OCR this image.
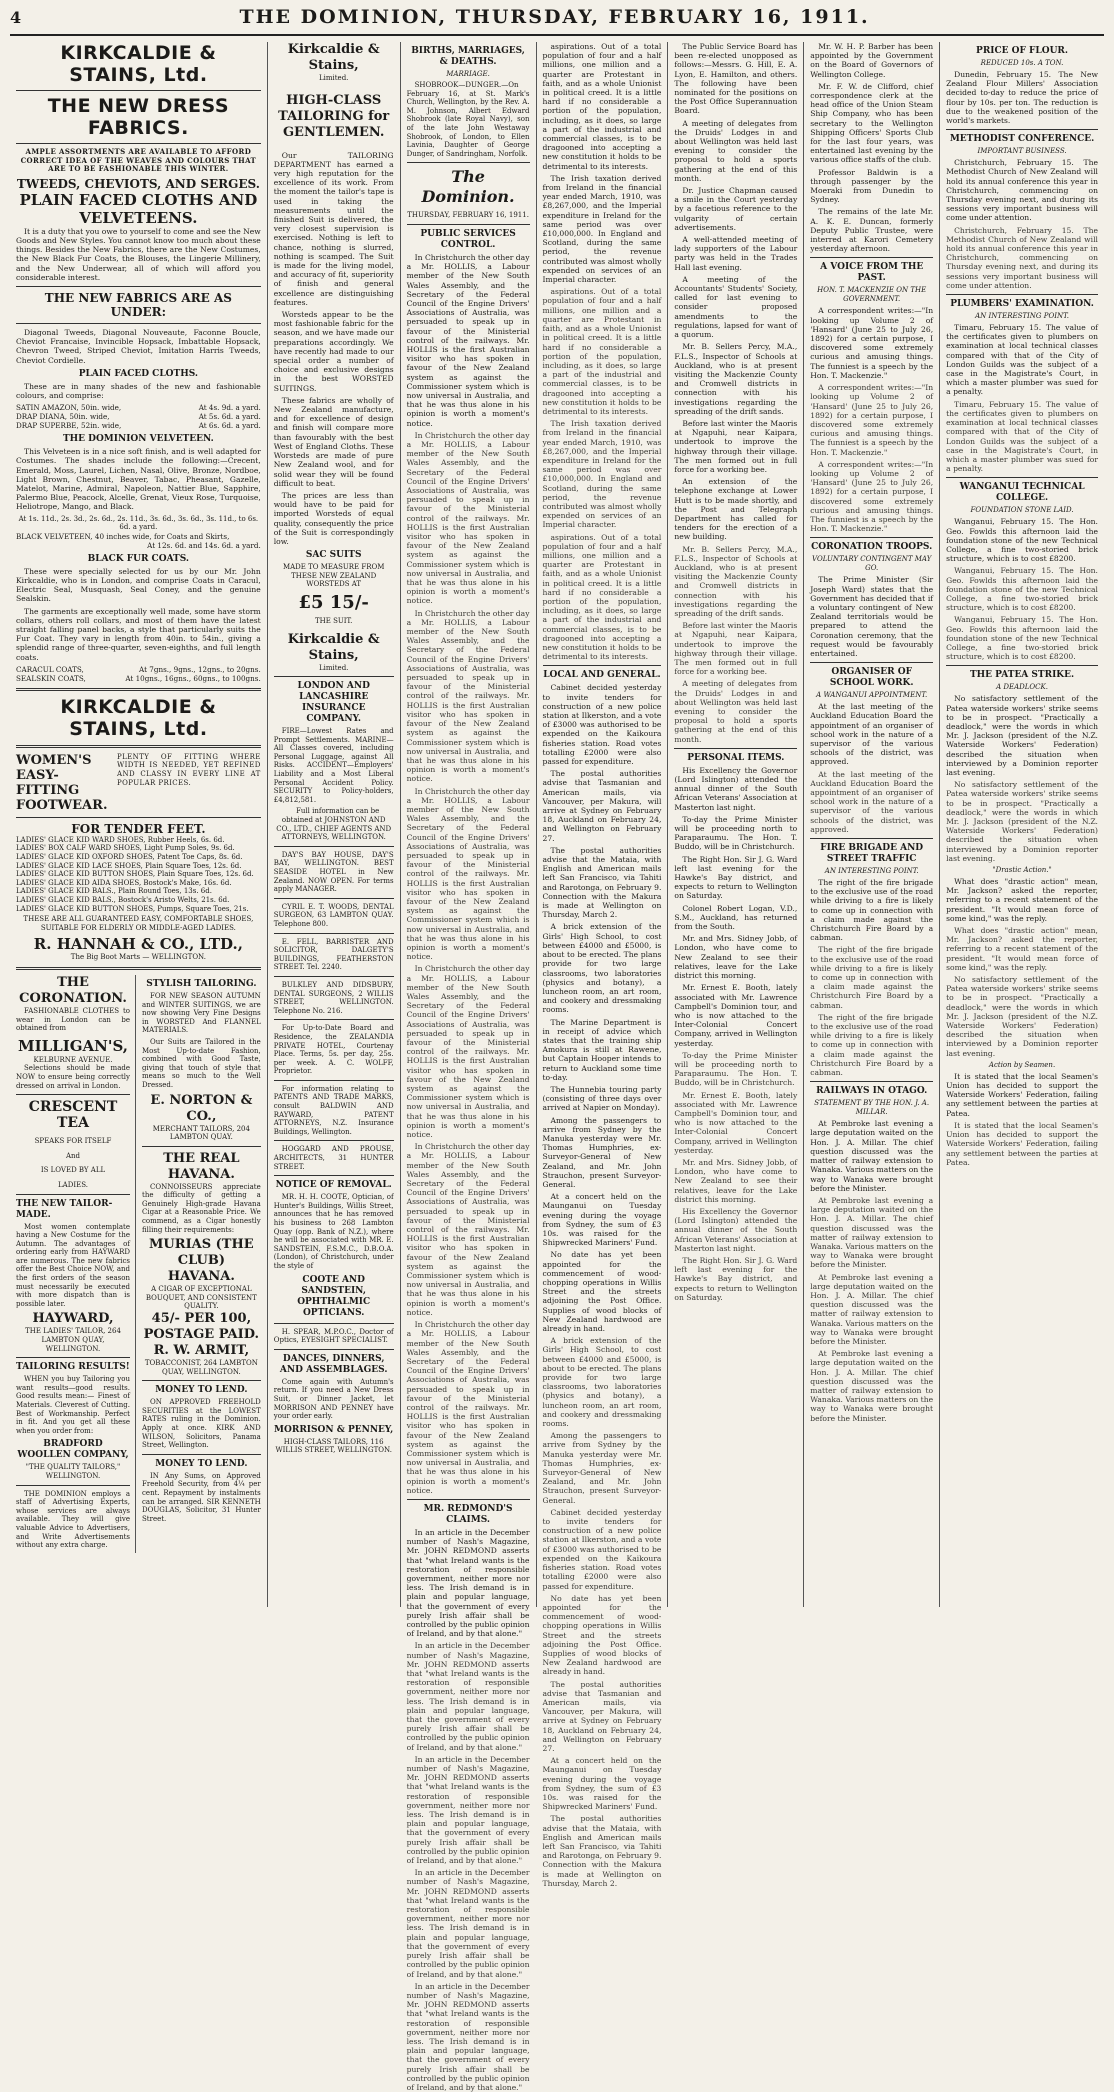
4	THE DOMINION, THURSDAY, FEBRUARY 16, 1911.
KIRKCALDIE & STAINS, Ltd.
THE NEW DRESS FABRICS.
AMPLE ASSORTMENTS ARE AVAILABLE TO AFFORD CORRECT IDEA OF THE WEAVES AND COLOURS THAT ARE TO BE FASHIONABLE THIS WINTER.
TWEEDS, CHEVIOTS, AND SERGES.
PLAIN FACED CLOTHS AND VELVETEENS.

It is a duty that you owe to yourself to come and see the New Goods and New Styles. You cannot know too much about these things. Besides the New Fabrics, there are the New Costumes, the New Black Fur Coats, the Blouses, the Lingerie Millinery, and the New Underwear, all of which will afford you considerable interest.

THE NEW FABRICS ARE AS UNDER:

Diagonal Tweeds, Diagonal Nouveaute, Faconne Boucle, Cheviot Francaise, Invincible Hopsack, Imbattable Hopsack, Chevron Tweed, Striped Cheviot, Imitation Harris Tweeds, Cheviot Cordielle.

PLAIN FACED CLOTHS.

These are in many shades of the new and fashionable colours, and comprise:

SATIN AMAZON, 50in. wide,	At 4s. 9d. a yard.
DRAP DIANA, 50in. wide,	At 5s. 6d. a yard.
DRAP SUPERBE, 52in. wide,	At 6s. 6d. a yard.
THE DOMINION VELVETEEN.

This Velveteen is in a nice soft finish, and is well adapted for Costumes. The shades include the following:—Crecent, Emerald, Moss, Laurel, Lichen, Nasal, Olive, Bronze, Nordboe, Light Brown, Chestnut, Beaver, Tabac, Pheasant, Gazelle, Matelot, Marine, Admiral, Napoleon, Nattier Blue, Sapphire, Palermo Blue, Peacock, Alcelle, Grenat, Vieux Rose, Turquoise, Heliotrope, Mango, and Black.

At 1s. 11d., 2s. 3d., 2s. 6d., 2s. 11d., 3s. 6d., 3s. 6d., 3s. 11d., to 6s. 6d. a yard.
BLACK VELVETEEN, 40 inches wide, for Coats and Skirts,
At 12s. 6d. and 14s. 6d. a yard.
BLACK FUR COATS.

These were specially selected for us by our Mr. John Kirkcaldie, who is in London, and comprise Coats in Caracul, Electric Seal, Musquash, Seal Coney, and the genuine Sealskin.

The garments are exceptionally well made, some have storm collars, others roll collars, and most of them have the latest straight falling panel backs, a style that particularly suits the Fur Coat. They vary in length from 40in. to 54in., giving a splendid range of three-quarter, seven-eighths, and full length coats.

CARACUL COATS,	At 7gns., 9gns., 12gns., to 20gns.
SEALSKIN COATS,	At 10gns., 16gns., 60gns., to 100gns.
KIRKCALDIE & STAINS, Ltd.
WOMEN'S EASY-FITTING FOOTWEAR.
PLENTY OF FITTING WHERE WIDTH IS NEEDED, YET REFINED AND CLASSY IN EVERY LINE AT POPULAR PRICES.
FOR TENDER FEET.
LADIES' GLACE KID WARD SHOES, Rubber Heels, 6s. 6d.
LADIES' BOX CALF WARD SHOES, Light Pump Soles, 9s. 6d.
LADIES' GLACE KID OXFORD SHOES, Patent Toe Caps, 8s. 6d.
LADIES' GLACE KID LACE SHOES, Plain Square Toes, 12s. 6d.
LADIES' GLACE KID BUTTON SHOES, Plain Square Toes, 12s. 6d.
LADIES' GLACE KID AIDA SHOES, Bostock's Make, 16s. 6d.
LADIES' GLACE KID BALS., Plain Round Toes, 13s. 6d.
LADIES' GLACE KID BALS., Bostock's Aristo Welts, 21s. 6d.
LADIES' GLACE KID BUTTON SHOES, Pumps, Square Toes, 21s.
THESE ARE ALL GUARANTEED EASY, COMFORTABLE SHOES, SUITABLE FOR ELDERLY OR MIDDLE-AGED LADIES.
R. HANNAH & CO., LTD.,
The Big Boot Marts — WELLINGTON.
THE CORONATION.

FASHIONABLE CLOTHES to wear in London can be obtained from

MILLIGAN'S,
KELBURNE AVENUE.

Selections should be made NOW to ensure being correctly dressed on arrival in London.

CRESCENT TEA
SPEAKS FOR ITSELF
And
IS LOVED BY ALL
LADIES.
THE NEW TAILOR-MADE.

Most women contemplate having a New Costume for the Autumn. The advantages of ordering early from HAYWARD are numerous. The new fabrics offer the Best Choice NOW, and the first orders of the season must necessarily be executed with more dispatch than is possible later.

HAYWARD,
THE LADIES' TAILOR, 264 LAMBTON QUAY, WELLINGTON.
TAILORING RESULTS!

WHEN you buy Tailoring you want results—good results. Good results mean:— Finest of Materials. Cleverest of Cutting. Best of Workmanship. Perfect in fit. And you get all these when you order from:

BRADFORD WOOLLEN COMPANY,
"THE QUALITY TAILORS," WELLINGTON.

THE DOMINION employs a staff of Advertising Experts, whose services are always available. They will give valuable Advice to Advertisers, and Write Advertisements without any extra charge.

STYLISH TAILORING.

FOR NEW SEASON AUTUMN and WINTER SUITINGS, we are now showing Very Fine Designs in WORSTED And FLANNEL MATERIALS.

Our Suits are Tailored in the Most Up-to-date Fashion, combined with Good Taste, giving that touch of style that means so much to the Well Dressed.

E. NORTON & CO.,
MERCHANT TAILORS, 204 LAMBTON QUAY.
THE REAL HAVANA.

CONNOISSEURS appreciate the difficulty of getting a Genuinely High-grade Havana Cigar at a Reasonable Price. We commend, as a Cigar honestly filling their requirements:

MURIAS (THE CLUB) HAVANA.
A CIGAR OF EXCEPTIONAL BOUQUET, AND CONSISTENT QUALITY.
45/- PER 100, POSTAGE PAID.
R. W. ARMIT,
TOBACCONIST, 264 LAMBTON QUAY, WELLINGTON.
MONEY TO LEND.

ON APPROVED FREEHOLD SECURITIES at the LOWEST RATES ruling in the Dominion. Apply at once. KIRK AND WILSON, Solicitors, Panama Street, Wellington.

MONEY TO LEND.

IN Any Sums, on Approved Freehold Security, from 4¼ per cent. Repayment by instalments can be arranged. SIR KENNETH DOUGLAS, Solicitor, 31 Hunter Street.

Kirkcaldie & Stains,
Limited.
HIGH-CLASS TAILORING for GENTLEMEN.

Our TAILORING DEPARTMENT has earned a very high reputation for the excellence of its work. From the moment the tailor's tape is used in taking the measurements until the finished Suit is delivered, the very closest supervision is exercised. Nothing is left to chance, nothing is slurred, nothing is scamped. The Suit is made for the living model, and accuracy of fit, superiority of finish and general excellence are distinguishing features.

Worsteds appear to be the most fashionable fabric for the season, and we have made our preparations accordingly. We have recently had made to our special order a number of choice and exclusive designs in the best WORSTED SUITINGS.

These fabrics are wholly of New Zealand manufacture, and for excellence of design and finish will compare more than favourably with the best West of England Cloths. These Worsteds are made of pure New Zealand wool, and for solid wear they will be found difficult to beat.

The prices are less than would have to be paid for imported Worsteds of equal quality, consequently the price of the Suit is correspondingly low.

SAC SUITS
MADE TO MEASURE FROM THESE NEW ZEALAND WORSTEDS AT
£5 15/-
THE SUIT.
Kirkcaldie & Stains,
Limited.
LONDON AND LANCASHIRE INSURANCE COMPANY.

FIRE—Lowest Rates and Prompt Settlements. MARINE—All Classes covered, including Personal Luggage, against All Risks. ACCIDENT—Employers' Liability and a Most Liberal Personal Accident Policy. SECURITY to Policy-holders, £4,812,581.

Full information can be obtained at JOHNSTON AND CO., LTD., CHIEF AGENTS AND ATTORNEYS, WELLINGTON.

DAY'S BAY HOUSE, DAY'S BAY, WELLINGTON. BEST SEASIDE HOTEL in New Zealand. NOW OPEN. For terms apply MANAGER.

CYRIL E. T. WOODS, DENTAL SURGEON, 63 LAMBTON QUAY. Telephone 800.

E. FELL, BARRISTER AND SOLICITOR, DALGETY'S BUILDINGS, FEATHERSTON STREET. Tel. 2240.

BULKLEY AND DIDSBURY, DENTAL SURGEONS, 2 WILLIS STREET, WELLINGTON. Telephone No. 216.

For Up-to-Date Board and Residence, the ZEALANDIA PRIVATE HOTEL, Courtenay Place. Terms, 5s. per day, 25s. per week. A. C. WOLFF, Proprietor.

For information relating to PATENTS AND TRADE MARKS, consult BALDWIN AND RAYWARD, PATENT ATTORNEYS, N.Z. Insurance Buildings, Wellington.

HOGGARD AND PROUSE, ARCHITECTS, 31 HUNTER STREET.

NOTICE OF REMOVAL.

MR. H. H. COOTE, Optician, of Hunter's Buildings, Willis Street, announces that he has removed his business to 268 Lambton Quay (opp. Bank of N.Z.), where he will be associated with MR. E. SANDSTEIN, F.S.M.C., D.B.O.A. (London), of Christchurch, under the style of

COOTE AND SANDSTEIN, OPHTHALMIC OPTICIANS.

H. SPEAR, M.P.O.C., Doctor of Optics, EYESIGHT SPECIALIST.

DANCES, DINNERS, AND ASSEMBLAGES.

Come again with Autumn's return. If you need a New Dress Suit, or Dinner Jacket, let MORRISON AND PENNEY have your order early.

MORRISON & PENNEY,
HIGH-CLASS TAILORS, 116 WILLIS STREET, WELLINGTON.
BIRTHS, MARRIAGES, & DEATHS.
MARRIAGE.

SHOBROOK—DUNGER.—On February 16, at St. Mark's Church, Wellington, by the Rev. A. M. Johnson, Albert Edward Shobrook (late Royal Navy), son of the late John Westaway Shobrook, of London, to Ellen Lavinia, Daughter of George Dunger, of Sandringham, Norfolk.

The Dominion.
THURSDAY, FEBRUARY 16, 1911.
PUBLIC SERVICES CONTROL.

In Christchurch the other day a Mr. HOLLIS, a Labour member of the New South Wales Assembly, and the Secretary of the Federal Council of the Engine Drivers' Associations of Australia, was persuaded to speak up in favour of the Ministerial control of the railways. Mr. HOLLIS is the first Australian visitor who has spoken in favour of the New Zealand system as against the Commissioner system which is now universal in Australia, and that he was thus alone in his opinion is worth a moment's notice.

In Christchurch the other day a Mr. HOLLIS, a Labour member of the New South Wales Assembly, and the Secretary of the Federal Council of the Engine Drivers' Associations of Australia, was persuaded to speak up in favour of the Ministerial control of the railways. Mr. HOLLIS is the first Australian visitor who has spoken in favour of the New Zealand system as against the Commissioner system which is now universal in Australia, and that he was thus alone in his opinion is worth a moment's notice.

In Christchurch the other day a Mr. HOLLIS, a Labour member of the New South Wales Assembly, and the Secretary of the Federal Council of the Engine Drivers' Associations of Australia, was persuaded to speak up in favour of the Ministerial control of the railways. Mr. HOLLIS is the first Australian visitor who has spoken in favour of the New Zealand system as against the Commissioner system which is now universal in Australia, and that he was thus alone in his opinion is worth a moment's notice.

In Christchurch the other day a Mr. HOLLIS, a Labour member of the New South Wales Assembly, and the Secretary of the Federal Council of the Engine Drivers' Associations of Australia, was persuaded to speak up in favour of the Ministerial control of the railways. Mr. HOLLIS is the first Australian visitor who has spoken in favour of the New Zealand system as against the Commissioner system which is now universal in Australia, and that he was thus alone in his opinion is worth a moment's notice.

In Christchurch the other day a Mr. HOLLIS, a Labour member of the New South Wales Assembly, and the Secretary of the Federal Council of the Engine Drivers' Associations of Australia, was persuaded to speak up in favour of the Ministerial control of the railways. Mr. HOLLIS is the first Australian visitor who has spoken in favour of the New Zealand system as against the Commissioner system which is now universal in Australia, and that he was thus alone in his opinion is worth a moment's notice.

In Christchurch the other day a Mr. HOLLIS, a Labour member of the New South Wales Assembly, and the Secretary of the Federal Council of the Engine Drivers' Associations of Australia, was persuaded to speak up in favour of the Ministerial control of the railways. Mr. HOLLIS is the first Australian visitor who has spoken in favour of the New Zealand system as against the Commissioner system which is now universal in Australia, and that he was thus alone in his opinion is worth a moment's notice.

In Christchurch the other day a Mr. HOLLIS, a Labour member of the New South Wales Assembly, and the Secretary of the Federal Council of the Engine Drivers' Associations of Australia, was persuaded to speak up in favour of the Ministerial control of the railways. Mr. HOLLIS is the first Australian visitor who has spoken in favour of the New Zealand system as against the Commissioner system which is now universal in Australia, and that he was thus alone in his opinion is worth a moment's notice.

MR. REDMOND'S CLAIMS.

In an article in the December number of Nash's Magazine, Mr. JOHN REDMOND asserts that "what Ireland wants is the restoration of responsible government, neither more nor less. The Irish demand is in plain and popular language, that the government of every purely Irish affair shall be controlled by the public opinion of Ireland, and by that alone."

In an article in the December number of Nash's Magazine, Mr. JOHN REDMOND asserts that "what Ireland wants is the restoration of responsible government, neither more nor less. The Irish demand is in plain and popular language, that the government of every purely Irish affair shall be controlled by the public opinion of Ireland, and by that alone."

In an article in the December number of Nash's Magazine, Mr. JOHN REDMOND asserts that "what Ireland wants is the restoration of responsible government, neither more nor less. The Irish demand is in plain and popular language, that the government of every purely Irish affair shall be controlled by the public opinion of Ireland, and by that alone."

In an article in the December number of Nash's Magazine, Mr. JOHN REDMOND asserts that "what Ireland wants is the restoration of responsible government, neither more nor less. The Irish demand is in plain and popular language, that the government of every purely Irish affair shall be controlled by the public opinion of Ireland, and by that alone."

In an article in the December number of Nash's Magazine, Mr. JOHN REDMOND asserts that "what Ireland wants is the restoration of responsible government, neither more nor less. The Irish demand is in plain and popular language, that the government of every purely Irish affair shall be controlled by the public opinion of Ireland, and by that alone."

aspirations. Out of a total population of four and a half millions, one million and a quarter are Protestant in faith, and as a whole Unionist in political creed. It is a little hard if no considerable a portion of the population, including, as it does, so large a part of the industrial and commercial classes, is to be dragooned into accepting a new constitution it holds to be detrimental to its interests.

The Irish taxation derived from Ireland in the financial year ended March, 1910, was £8,267,000, and the Imperial expenditure in Ireland for the same period was over £10,000,000. In England and Scotland, during the same period, the revenue contributed was almost wholly expended on services of an Imperial character.

aspirations. Out of a total population of four and a half millions, one million and a quarter are Protestant in faith, and as a whole Unionist in political creed. It is a little hard if no considerable a portion of the population, including, as it does, so large a part of the industrial and commercial classes, is to be dragooned into accepting a new constitution it holds to be detrimental to its interests.

The Irish taxation derived from Ireland in the financial year ended March, 1910, was £8,267,000, and the Imperial expenditure in Ireland for the same period was over £10,000,000. In England and Scotland, during the same period, the revenue contributed was almost wholly expended on services of an Imperial character.

aspirations. Out of a total population of four and a half millions, one million and a quarter are Protestant in faith, and as a whole Unionist in political creed. It is a little hard if no considerable a portion of the population, including, as it does, so large a part of the industrial and commercial classes, is to be dragooned into accepting a new constitution it holds to be detrimental to its interests.

LOCAL AND GENERAL.

Cabinet decided yesterday to invite tenders for construction of a new police station at Ilkerston, and a vote of £3000 was authorised to be expended on the Kaikoura fisheries station. Road votes totalling £2000 were also passed for expenditure.

The postal authorities advise that Tasmanian and American mails, via Vancouver, per Makura, will arrive at Sydney on February 18, Auckland on February 24, and Wellington on February 27.

The postal authorities advise that the Mataia, with English and American mails left San Francisco, via Tahiti and Rarotonga, on February 9. Connection with the Makura is made at Wellington on Thursday, March 2.

A brick extension of the Girls' High School, to cost between £4000 and £5000, is about to be erected. The plans provide for two large classrooms, two laboratories (physics and botany), a luncheon room, an art room, and cookery and dressmaking rooms.

The Marine Department is in receipt of advice which states that the training ship Amokura is still at Rawene, but Captain Hooper intends to return to Auckland some time to-day.

The Hunnebia touring party (consisting of three days over arrived at Napier on Monday).

Among the passengers to arrive from Sydney by the Manuka yesterday were Mr. Thomas Humphries, ex-Surveyor-General of New Zealand, and Mr. John Strauchon, present Surveyor-General.

At a concert held on the Maunganui on Tuesday evening during the voyage from Sydney, the sum of £3 10s. was raised for the Shipwrecked Mariners' Fund.

No date has yet been appointed for the commencement of wood-chopping operations in Willis Street and the streets adjoining the Post Office. Supplies of wood blocks of New Zealand hardwood are already in hand.

A brick extension of the Girls' High School, to cost between £4000 and £5000, is about to be erected. The plans provide for two large classrooms, two laboratories (physics and botany), a luncheon room, an art room, and cookery and dressmaking rooms.

Among the passengers to arrive from Sydney by the Manuka yesterday were Mr. Thomas Humphries, ex-Surveyor-General of New Zealand, and Mr. John Strauchon, present Surveyor-General.

Cabinet decided yesterday to invite tenders for construction of a new police station at Ilkerston, and a vote of £3000 was authorised to be expended on the Kaikoura fisheries station. Road votes totalling £2000 were also passed for expenditure.

No date has yet been appointed for the commencement of wood-chopping operations in Willis Street and the streets adjoining the Post Office. Supplies of wood blocks of New Zealand hardwood are already in hand.

The postal authorities advise that Tasmanian and American mails, via Vancouver, per Makura, will arrive at Sydney on February 18, Auckland on February 24, and Wellington on February 27.

At a concert held on the Maunganui on Tuesday evening during the voyage from Sydney, the sum of £3 10s. was raised for the Shipwrecked Mariners' Fund.

The postal authorities advise that the Mataia, with English and American mails left San Francisco, via Tahiti and Rarotonga, on February 9. Connection with the Makura is made at Wellington on Thursday, March 2.

The Public Service Board has been re-elected unopposed as follows:—Messrs. G. Hill, E. A. Lyon, E. Hamilton, and others. The following have been nominated for the positions on the Post Office Superannuation Board.

A meeting of delegates from the Druids' Lodges in and about Wellington was held last evening to consider the proposal to hold a sports gathering at the end of this month.

Dr. Justice Chapman caused a smile in the Court yesterday by a facetious reference to the vulgarity of certain advertisements.

A well-attended meeting of lady supporters of the Labour party was held in the Trades Hall last evening.

A meeting of the Accountants' Students' Society, called for last evening to consider proposed amendments to the regulations, lapsed for want of a quorum.

Mr. B. Sellers Percy, M.A., F.L.S., Inspector of Schools at Auckland, who is at present visiting the Mackenzie County and Cromwell districts in connection with his investigations regarding the spreading of the drift sands.

Before last winter the Maoris at Ngapuhi, near Kaipara, undertook to improve the highway through their village. The men formed out in full force for a working bee.

An extension of the telephone exchange at Lower Hutt is to be made shortly, and the Post and Telegraph Department has called for tenders for the erection of a new building.

Mr. B. Sellers Percy, M.A., F.L.S., Inspector of Schools at Auckland, who is at present visiting the Mackenzie County and Cromwell districts in connection with his investigations regarding the spreading of the drift sands.

Before last winter the Maoris at Ngapuhi, near Kaipara, undertook to improve the highway through their village. The men formed out in full force for a working bee.

A meeting of delegates from the Druids' Lodges in and about Wellington was held last evening to consider the proposal to hold a sports gathering at the end of this month.

PERSONAL ITEMS.

His Excellency the Governor (Lord Islington) attended the annual dinner of the South African Veterans' Association at Masterton last night.

To-day the Prime Minister will be proceeding north to Paraparaumu. The Hon. T. Buddo, will be in Christchurch.

The Right Hon. Sir J. G. Ward left last evening for the Hawke's Bay district, and expects to return to Wellington on Saturday.

Colonel Robert Logan, V.D., S.M., Auckland, has returned from the South.

Mr. and Mrs. Sidney Jobb, of London, who have come to New Zealand to see their relatives, leave for the Lake district this morning.

Mr. Ernest E. Booth, lately associated with Mr. Lawrence Campbell's Dominion tour, and who is now attached to the Inter-Colonial Concert Company, arrived in Wellington yesterday.

To-day the Prime Minister will be proceeding north to Paraparaumu. The Hon. T. Buddo, will be in Christchurch.

Mr. Ernest E. Booth, lately associated with Mr. Lawrence Campbell's Dominion tour, and who is now attached to the Inter-Colonial Concert Company, arrived in Wellington yesterday.

Mr. and Mrs. Sidney Jobb, of London, who have come to New Zealand to see their relatives, leave for the Lake district this morning.

His Excellency the Governor (Lord Islington) attended the annual dinner of the South African Veterans' Association at Masterton last night.

The Right Hon. Sir J. G. Ward left last evening for the Hawke's Bay district, and expects to return to Wellington on Saturday.

Mr. W. H. P. Barber has been appointed by the Government on the Board of Governors of Wellington College.

Mr. F. W. de Clifford, chief correspondence clerk at the head office of the Union Steam Ship Company, who has been secretary to the Wellington Shipping Officers' Sports Club for the last four years, was entertained last evening by the various office staffs of the club.

Professor Baldwin is a through passenger by the Moeraki from Dunedin to Sydney.

The remains of the late Mr. A. K. E. Duncan, formerly Deputy Public Trustee, were interred at Karori Cemetery yesterday afternoon.

A VOICE FROM THE PAST.
HON. T. MACKENZIE ON THE GOVERNMENT.

A correspondent writes:—"In looking up Volume 2 of 'Hansard' (June 25 to July 26, 1892) for a certain purpose, I discovered some extremely curious and amusing things. The funniest is a speech by the Hon. T. Mackenzie."

A correspondent writes:—"In looking up Volume 2 of 'Hansard' (June 25 to July 26, 1892) for a certain purpose, I discovered some extremely curious and amusing things. The funniest is a speech by the Hon. T. Mackenzie."

A correspondent writes:—"In looking up Volume 2 of 'Hansard' (June 25 to July 26, 1892) for a certain purpose, I discovered some extremely curious and amusing things. The funniest is a speech by the Hon. T. Mackenzie."

CORONATION TROOPS.
VOLUNTARY CONTINGENT MAY GO.

The Prime Minister (Sir Joseph Ward) states that the Government has decided that if a voluntary contingent of New Zealand territorials would be prepared to attend the Coronation ceremony, that the request would be favourably entertained.

ORGANISER OF SCHOOL WORK.
A WANGANUI APPOINTMENT.

At the last meeting of the Auckland Education Board the appointment of an organiser of school work in the nature of a supervisor of the various schools of the district, was approved.

At the last meeting of the Auckland Education Board the appointment of an organiser of school work in the nature of a supervisor of the various schools of the district, was approved.

FIRE BRIGADE AND STREET TRAFFIC
AN INTERESTING POINT.

The right of the fire brigade to the exclusive use of the road while driving to a fire is likely to come up in connection with a claim made against the Christchurch Fire Board by a cabman.

The right of the fire brigade to the exclusive use of the road while driving to a fire is likely to come up in connection with a claim made against the Christchurch Fire Board by a cabman.

The right of the fire brigade to the exclusive use of the road while driving to a fire is likely to come up in connection with a claim made against the Christchurch Fire Board by a cabman.

RAILWAYS IN OTAGO.
STATEMENT BY THE HON. J. A. MILLAR.

At Pembroke last evening a large deputation waited on the Hon. J. A. Millar. The chief question discussed was the matter of railway extension to Wanaka. Various matters on the way to Wanaka were brought before the Minister.

At Pembroke last evening a large deputation waited on the Hon. J. A. Millar. The chief question discussed was the matter of railway extension to Wanaka. Various matters on the way to Wanaka were brought before the Minister.

At Pembroke last evening a large deputation waited on the Hon. J. A. Millar. The chief question discussed was the matter of railway extension to Wanaka. Various matters on the way to Wanaka were brought before the Minister.

At Pembroke last evening a large deputation waited on the Hon. J. A. Millar. The chief question discussed was the matter of railway extension to Wanaka. Various matters on the way to Wanaka were brought before the Minister.

PRICE OF FLOUR.
REDUCED 10s. A TON.

Dunedin, February 15. The New Zealand Flour Millers' Association decided to-day to reduce the price of flour by 10s. per ton. The reduction is due to the weakened position of the world's markets.

METHODIST CONFERENCE.
IMPORTANT BUSINESS.

Christchurch, February 15. The Methodist Church of New Zealand will hold its annual conference this year in Christchurch, commencing on Thursday evening next, and during its sessions very important business will come under attention.

Christchurch, February 15. The Methodist Church of New Zealand will hold its annual conference this year in Christchurch, commencing on Thursday evening next, and during its sessions very important business will come under attention.

PLUMBERS' EXAMINATION.
AN INTERESTING POINT.

Timaru, February 15. The value of the certificates given to plumbers on examination at local technical classes compared with that of the City of London Guilds was the subject of a case in the Magistrate's Court, in which a master plumber was sued for a penalty.

Timaru, February 15. The value of the certificates given to plumbers on examination at local technical classes compared with that of the City of London Guilds was the subject of a case in the Magistrate's Court, in which a master plumber was sued for a penalty.

WANGANUI TECHNICAL COLLEGE.
FOUNDATION STONE LAID.

Wanganui, February 15. The Hon. Geo. Fowlds this afternoon laid the foundation stone of the new Technical College, a fine two-storied brick structure, which is to cost £8200.

Wanganui, February 15. The Hon. Geo. Fowlds this afternoon laid the foundation stone of the new Technical College, a fine two-storied brick structure, which is to cost £8200.

Wanganui, February 15. The Hon. Geo. Fowlds this afternoon laid the foundation stone of the new Technical College, a fine two-storied brick structure, which is to cost £8200.

THE PATEA STRIKE.
A DEADLOCK.

No satisfactory settlement of the Patea waterside workers' strike seems to be in prospect. "Practically a deadlock," were the words in which Mr. J. Jackson (president of the N.Z. Waterside Workers' Federation) described the situation when interviewed by a Dominion reporter last evening.

No satisfactory settlement of the Patea waterside workers' strike seems to be in prospect. "Practically a deadlock," were the words in which Mr. J. Jackson (president of the N.Z. Waterside Workers' Federation) described the situation when interviewed by a Dominion reporter last evening.

"Drastic Action."

What does "drastic action" mean, Mr. Jackson? asked the reporter, referring to a recent statement of the president. "It would mean force of some kind," was the reply.

What does "drastic action" mean, Mr. Jackson? asked the reporter, referring to a recent statement of the president. "It would mean force of some kind," was the reply.

No satisfactory settlement of the Patea waterside workers' strike seems to be in prospect. "Practically a deadlock," were the words in which Mr. J. Jackson (president of the N.Z. Waterside Workers' Federation) described the situation when interviewed by a Dominion reporter last evening.

Action by Seamen.

It is stated that the local Seamen's Union has decided to support the Waterside Workers' Federation, failing any settlement between the parties at Patea.

It is stated that the local Seamen's Union has decided to support the Waterside Workers' Federation, failing any settlement between the parties at Patea.
